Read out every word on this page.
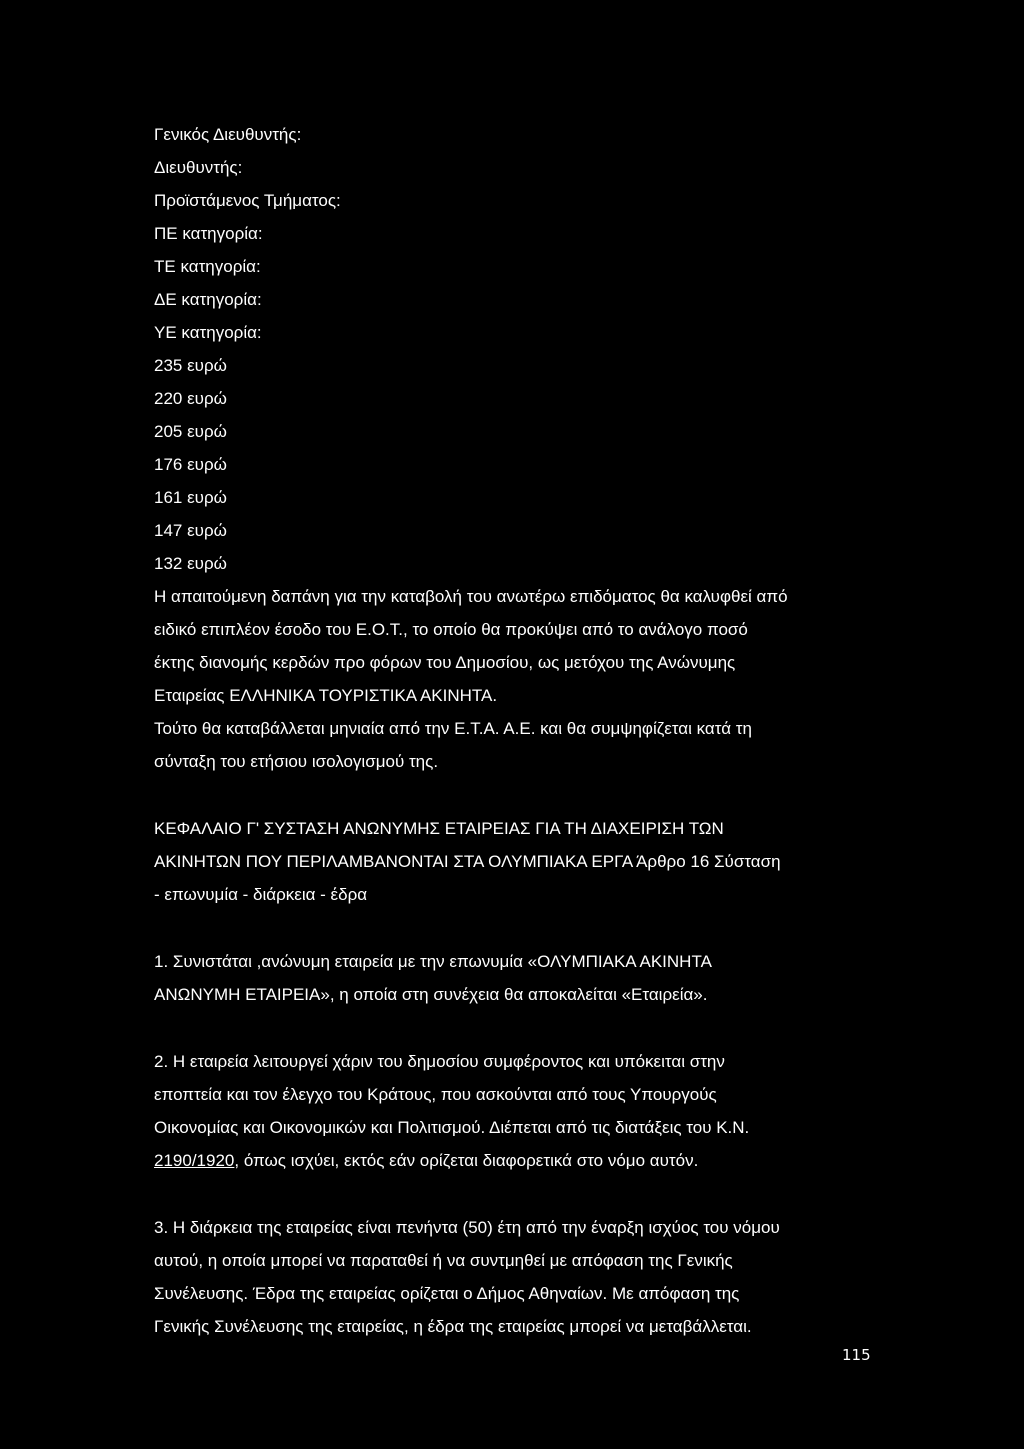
Γενικός Διευθυντής:
Διευθυντής:
Προϊστάμενος Τμήματος:
ΠΕ κατηγορία:
ΤΕ κατηγορία:
ΔΕ κατηγορία:
ΥΕ κατηγορία:
235 ευρώ
220 ευρώ
205 ευρώ
176 ευρώ
161 ευρώ
147 ευρώ
132 ευρώ
Η απαιτούμενη δαπάνη για την καταβολή του ανωτέρω επιδόματος θα καλυφθεί από
ειδικό επιπλέον έσοδο του Ε.Ο.Τ., το οποίο θα προκύψει από το ανάλογο ποσό
έκτης διανομής κερδών προ φόρων του Δημοσίου, ως μετόχου της Ανώνυμης
Εταιρείας ΕΛΛΗΝΙΚΑ ΤΟΥΡΙΣΤΙΚΑ ΑΚΙΝΗΤΑ.
Τούτο θα καταβάλλεται μηνιαία από την Ε.Τ.Α. Α.Ε. και θα συμψηφίζεται κατά τη
σύνταξη του ετήσιου ισολογισμού της.
ΚΕΦΑΛΑΙΟ Γ' ΣΥΣΤΑΣΗ ΑΝΩΝΥΜΗΣ ΕΤΑΙΡΕΙΑΣ ΓΙΑ ΤΗ ΔΙΑΧΕΙΡΙΣΗ ΤΩΝ
ΑΚΙΝΗΤΩΝ ΠΟΥ ΠΕΡΙΛΑΜΒΑΝΟΝΤΑΙ ΣΤΑ ΟΛΥΜΠΙΑΚΑ ΕΡΓΑ Άρθρο 16 Σύσταση
- επωνυμία - διάρκεια - έδρα
1. Συνιστάται ,ανώνυμη εταιρεία με την επωνυμία «ΟΛΥΜΠΙΑΚΑ ΑΚΙΝΗΤΑ
ΑΝΩΝΥΜΗ ΕΤΑΙΡΕΙΑ», η οποία στη συνέχεια θα αποκαλείται «Εταιρεία».
2. Η εταιρεία λειτουργεί χάριν του δημοσίου συμφέροντος και υπόκειται στην
εποπτεία και τον έλεγχο του Κράτους, που ασκούνται από τους Υπουργούς
Οικονομίας και Οικονομικών και Πολιτισμού. Διέπεται από τις διατάξεις του Κ.Ν.
2190/1920, όπως ισχύει, εκτός εάν ορίζεται διαφορετικά στο νόμο αυτόν.
3. Η διάρκεια της εταιρείας είναι πενήντα (50) έτη από την έναρξη ισχύος του νόμου
αυτού, η οποία μπορεί να παραταθεί ή να συντμηθεί με απόφαση της Γενικής
Συνέλευσης. Έδρα της εταιρείας ορίζεται ο Δήμος Αθηναίων. Με απόφαση της
Γενικής Συνέλευσης της εταιρείας, η έδρα της εταιρείας μπορεί να μεταβάλλεται.
115
